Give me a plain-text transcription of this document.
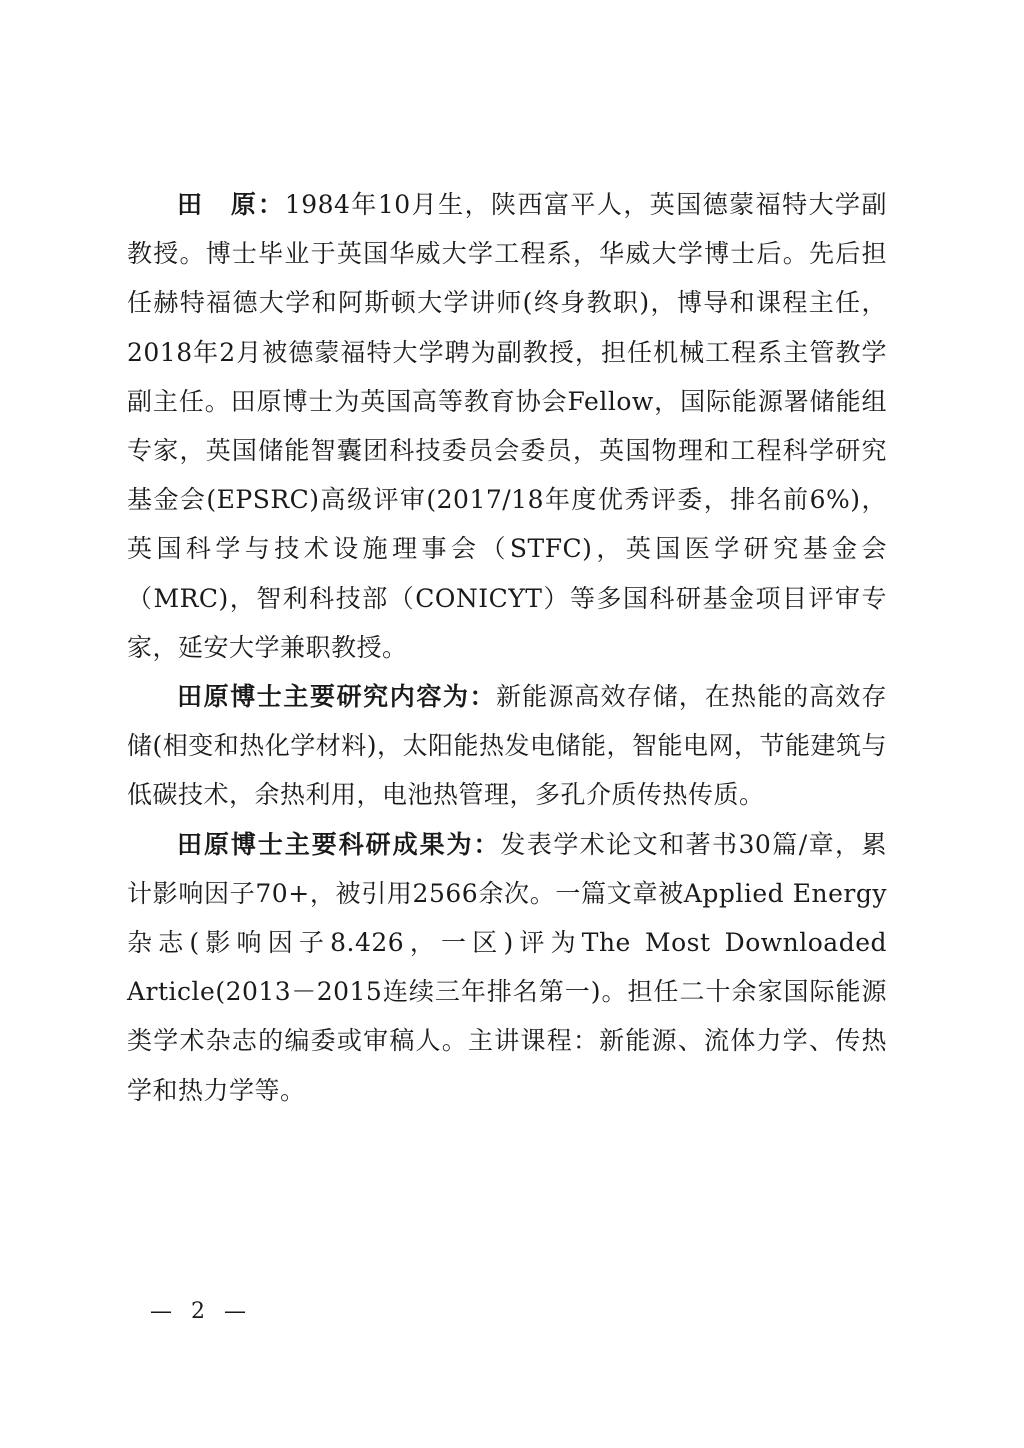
田　原：1984年10月生，陕西富平人，英国德蒙福特大学副教授。博士毕业于英国华威大学工程系，华威大学博士后。先后担任赫特福德大学和阿斯顿大学讲师(终身教职)，博导和课程主任，2018年2月被德蒙福特大学聘为副教授，担任机械工程系主管教学副主任。田原博士为英国高等教育协会Fellow，国际能源署储能组专家，英国储能智囊团科技委员会委员，英国物理和工程科学研究基金会(EPSRC)高级评审(2017/18年度优秀评委，排名前6%)，英国科学与技术设施理事会（STFC)，英国医学研究基金会（MRC)，智利科技部（CONICYT）等多国科研基金项目评审专家，延安大学兼职教授。

田原博士主要研究内容为：新能源高效存储，在热能的高效存储(相变和热化学材料)，太阳能热发电储能，智能电网，节能建筑与低碳技术，余热利用，电池热管理，多孔介质传热传质。

田原博士主要科研成果为：发表学术论文和著书30篇/章，累计影响因子70+，被引用2566余次。一篇文章被Applied Energy杂志(影响因子8.426，一区)评为The Most Downloaded Article(2013－2015连续三年排名第一)。担任二十余家国际能源类学术杂志的编委或审稿人。主讲课程：新能源、流体力学、传热学和热力学等。

— 2 —
